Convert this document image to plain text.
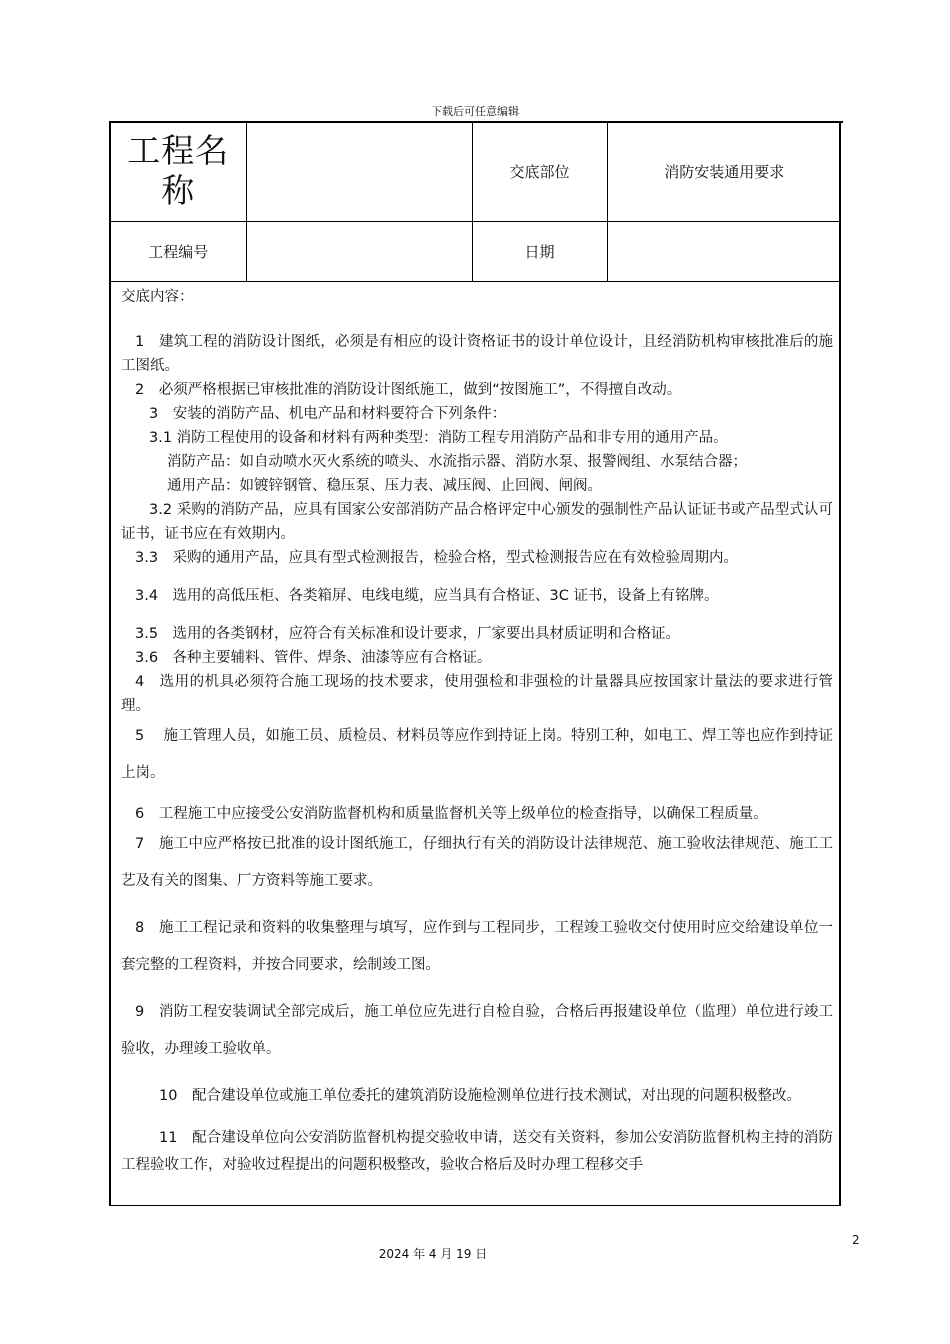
下载后可任意编辑
工程名称		交底部位	消防安装通用要求
工程编号		日期	

交底内容：

1　建筑工程的消防设计图纸，必须是有相应的设计资格证书的设计单位设计，且经消防机构审核批准后的施工图纸。

2　必须严格根据已审核批准的消防设计图纸施工，做到“按图施工”，不得擅自改动。

3　安装的消防产品、机电产品和材料要符合下列条件：

3.1 消防工程使用的设备和材料有两种类型：消防工程专用消防产品和非专用的通用产品。

消防产品：如自动喷水灭火系统的喷头、水流指示器、消防水泵、报警阀组、水泵结合器；

通用产品：如镀锌钢管、稳压泵、压力表、减压阀、止回阀、闸阀。

3.2 采购的消防产品，应具有国家公安部消防产品合格评定中心颁发的强制性产品认证证书或产品型式认可证书，证书应在有效期内。

3.3　采购的通用产品，应具有型式检测报告，检验合格，型式检测报告应在有效检验周期内。

3.4　选用的高低压柜、各类箱屏、电线电缆，应当具有合格证、3C 证书，设备上有铭牌。

3.5　选用的各类钢材，应符合有关标准和设计要求，厂家要出具材质证明和合格证。

3.6　各种主要辅料、管件、焊条、油漆等应有合格证。

4　选用的机具必须符合施工现场的技术要求，使用强检和非强检的计量器具应按国家计量法的要求进行管理。

5　 施工管理人员，如施工员、质检员、材料员等应作到持证上岗。特别工种，如电工、焊工等也应作到持证上岗。

6　工程施工中应接受公安消防监督机构和质量监督机关等上级单位的检查指导，以确保工程质量。

7　施工中应严格按已批准的设计图纸施工，仔细执行有关的消防设计法律规范、施工验收法律规范、施工工艺及有关的图集、厂方资料等施工要求。

8　施工工程记录和资料的收集整理与填写，应作到与工程同步，工程竣工验收交付使用时应交给建设单位一套完整的工程资料，并按合同要求，绘制竣工图。

9　消防工程安装调试全部完成后，施工单位应先进行自检自验，合格后再报建设单位（监理）单位进行竣工验收，办理竣工验收单。

10　配合建设单位或施工单位委托的建筑消防设施检测单位进行技术测试，对出现的问题积极整改。

11　配合建设单位向公安消防监督机构提交验收申请，送交有关资料，参加公安消防监督机构主持的消防工程验收工作，对验收过程提出的问题积极整改，验收合格后及时办理工程移交手

2
2024 年 4 月 19 日
